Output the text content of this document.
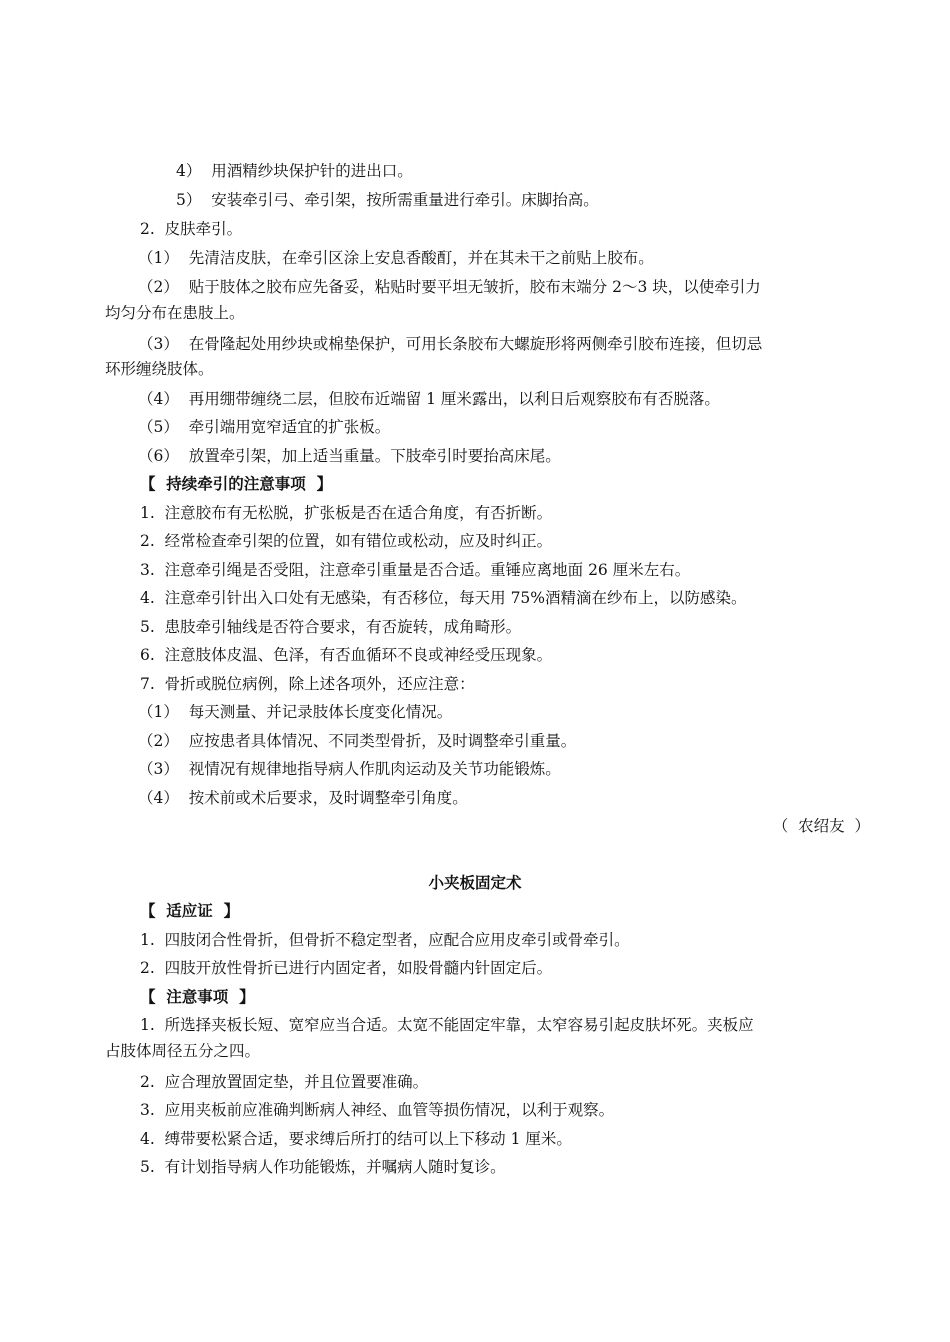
4）  用酒精纱块保护针的进出口。
5）  安装牵引弓、牵引架，按所需重量进行牵引。床脚抬高。
2.  皮肤牵引。
（1）  先清洁皮肤，在牵引区涂上安息香酸酊，并在其未干之前贴上胶布。
（2）  贴于肢体之胶布应先备妥，粘贴时要平坦无皱折，胶布末端分 2～3 块，以使牵引力
均匀分布在患肢上。
（3）  在骨隆起处用纱块或棉垫保护，可用长条胶布大螺旋形将两侧牵引胶布连接，但切忌
环形缠绕肢体。
（4）  再用绷带缠绕二层，但胶布近端留 1 厘米露出，以利日后观察胶布有否脱落。
（5）  牵引端用宽窄适宜的扩张板。
（6）  放置牵引架，加上适当重量。下肢牵引时要抬高床尾。
【  持续牵引的注意事项  】
1.  注意胶布有无松脱，扩张板是否在适合角度，有否折断。
2.  经常检查牵引架的位置，如有错位或松动，应及时纠正。
3.  注意牵引绳是否受阻，注意牵引重量是否合适。重锤应离地面 26 厘米左右。
4.  注意牵引针出入口处有无感染，有否移位，每天用 75%酒精滴在纱布上，以防感染。
5.  患肢牵引轴线是否符合要求，有否旋转，成角畸形。
6.  注意肢体皮温、色泽，有否血循环不良或神经受压现象。
7.  骨折或脱位病例，除上述各项外，还应注意：
（1）  每天测量、并记录肢体长度变化情况。
（2）  应按患者具体情况、不同类型骨折，及时调整牵引重量。
（3）  视情况有规律地指导病人作肌肉运动及关节功能锻炼。
（4）  按术前或术后要求，及时调整牵引角度。
（  农绍友  ）
小夹板固定术
【  适应证  】
1.  四肢闭合性骨折，但骨折不稳定型者，应配合应用皮牵引或骨牵引。
2.  四肢开放性骨折已进行内固定者，如股骨髓内针固定后。
【  注意事项  】
1.  所选择夹板长短、宽窄应当合适。太宽不能固定牢靠，太窄容易引起皮肤坏死。夹板应
占肢体周径五分之四。
2.  应合理放置固定垫，并且位置要准确。
3.  应用夹板前应准确判断病人神经、血管等损伤情况，以利于观察。
4.  缚带要松紧合适，要求缚后所打的结可以上下移动 1 厘米。
5.  有计划指导病人作功能锻炼，并嘱病人随时复诊。
